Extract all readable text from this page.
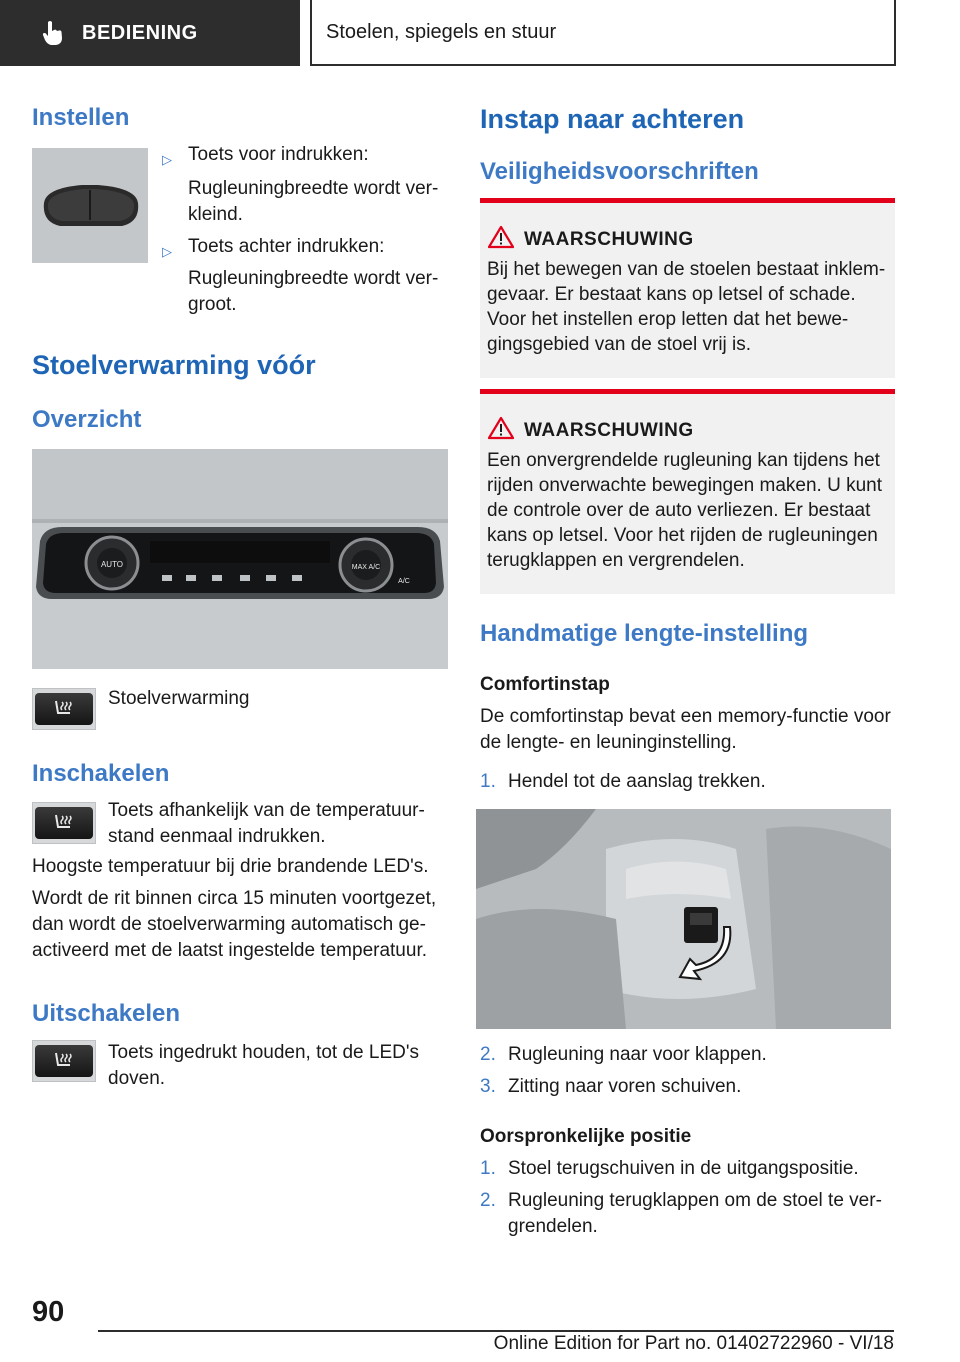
BEDIENING	Stoelen, spiegels en stuur
Instellen
▷ Toets voor indrukken:
Rugleuningbreedte wordt verkleind.
▷ Toets achter indrukken:
Rugleuningbreedte wordt vergroot.
Stoelverwarming vóór
Overzicht
AUTO	MAX A/C
A/C
Stoelverwarming
Inschakelen
Toets afhankelijk van de temperatuurstand eenmaal indrukken.
Hoogste temperatuur bij drie brandende LED's.
Wordt de rit binnen circa 15 minuten voortgezet, dan wordt de stoelverwarming automatisch geactiveerd met de laatst ingestelde temperatuur.
Uitschakelen
Toets ingedrukt houden, tot de LED's doven.
Instap naar achteren
Veiligheidsvoorschriften
WAARSCHUWING
Bij het bewegen van de stoelen bestaat inklemgevaar. Er bestaat kans op letsel of schade. Voor het instellen erop letten dat het bewegingsgebied van de stoel vrij is.
WAARSCHUWING
Een onvergrendelde rugleuning kan tijdens het rijden onverwachte bewegingen maken. U kunt de controle over de auto verliezen. Er bestaat kans op letsel. Voor het rijden de rugleuningen terugklappen en vergrendelen.
Handmatige lengte-instelling
Comfortinstap
De comfortinstap bevat een memory-functie voor de lengte- en leuninginstelling.
1. Hendel tot de aanslag trekken.
2. Rugleuning naar voor klappen.
3. Zitting naar voren schuiven.
Oorspronkelijke positie
1. Stoel terugschuiven in de uitgangspositie.
2. Rugleuning terugklappen om de stoel te vergrendelen.
90
Online Edition for Part no. 01402722960 - VI/18
